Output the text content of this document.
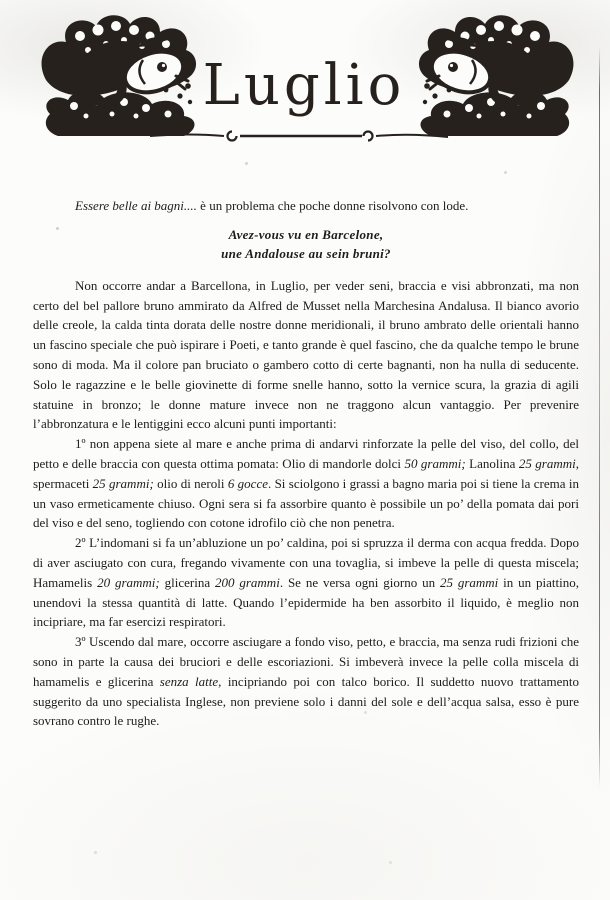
Luglio

Essere belle ai bagni.... è un problema che poche donne risolvono con lode.

Avez-vous vu en Barcelone,
une Andalouse au sein bruni?

Non occorre andar a Barcellona, in Luglio, per veder seni, braccia e visi abbronzati, ma non certo del bel pallore bruno ammirato da Alfred de Musset nella Marchesina Andalusa. Il bianco avorio delle creole, la calda tinta dorata delle nostre donne meridionali, il bruno ambrato delle orientali hanno un fascino speciale che può ispirare i Poeti, e tanto grande è quel fascino, che da qualche tempo le brune sono di moda. Ma il colore pan bruciato o gambero cotto di certe bagnanti, non ha nulla di seducente. Solo le ragazzine e le belle giovinette di forme snelle hanno, sotto la vernice scura, la grazia di agili statuine in bronzo; le donne mature invece non ne traggono alcun vantaggio. Per prevenire l’abbronzatura e le lentiggini ecco alcuni punti importanti:

1º non appena siete al mare e anche prima di andarvi rinforzate la pelle del viso, del collo, del petto e delle braccia con questa ottima pomata: Olio di mandorle dolci 50 grammi; Lanolina 25 grammi, spermaceti 25 grammi; olio di neroli 6 gocce. Si sciolgono i grassi a bagno maria poi si tiene la crema in un vaso ermeticamente chiuso. Ogni sera si fa assorbire quanto è possibile un po’ della pomata dai pori del viso e del seno, togliendo con cotone idrofilo ciò che non penetra.

2º L’indomani si fa un’abluzione un po’ caldina, poi si spruzza il derma con acqua fredda. Dopo di aver asciugato con cura, fregando vivamente con una tovaglia, si imbeve la pelle di questa miscela; Hamamelis 20 grammi; glicerina 200 grammi. Se ne versa ogni giorno un 25 grammi in un piattino, unendovi la stessa quantità di latte. Quando l’epidermide ha ben assorbito il liquido, è meglio non incipriare, ma far esercizi respiratori.

3º Uscendo dal mare, occorre asciugare a fondo viso, petto, e braccia, ma senza rudi frizioni che sono in parte la causa dei bruciori e delle escoriazioni. Si imbeverà invece la pelle colla miscela di hamamelis e glicerina senza latte, incipriando poi con talco borico. Il suddetto nuovo trattamento suggerito da uno specialista Inglese, non previene solo i danni del sole e dell’acqua salsa, esso è pure sovrano contro le rughe.
